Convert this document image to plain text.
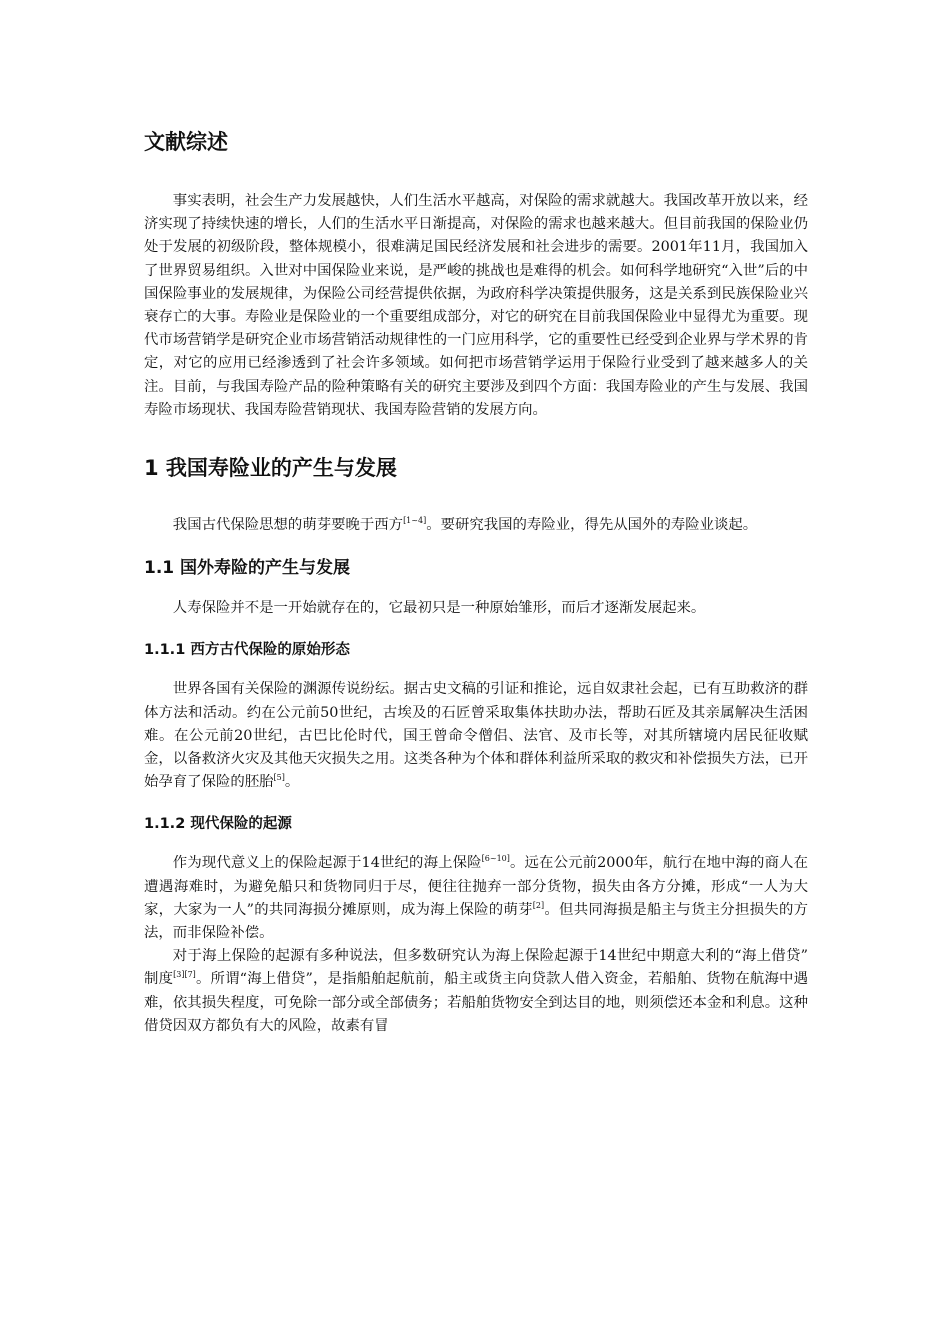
文献综述

事实表明，社会生产力发展越快，人们生活水平越高，对保险的需求就越大。我国改革开放以来，经济实现了持续快速的增长，人们的生活水平日渐提高，对保险的需求也越来越大。但目前我国的保险业仍处于发展的初级阶段，整体规模小，很难满足国民经济发展和社会进步的需要。2001年11月，我国加入 了世界贸易组织。入世对中国保险业来说，是严峻的挑战也是难得的机会。如何科学地研究“入世”后的中国保险事业的发展规律，为保险公司经营提供依据，为政府科学决策提供服务，这是关系到民族保险业兴衰存亡的大事。寿险业是保险业的一个重要组成部分，对它的研究在目前我国保险业中显得尤为重要。现代市场营销学是研究企业市场营销活动规律性的一门应用科学，它的重要性已经受到企业界与学术界的肯定，对它的应用已经渗透到了社会许多领域。如何把市场营销学运用于保险行业受到了越来越多人的关注。目前，与我国寿险产品的险种策略有关的研究主要涉及到四个方面：我国寿险业的产生与发展、我国寿险市场现状、我国寿险营销现状、我国寿险营销的发展方向。

1 我国寿险业的产生与发展

我国古代保险思想的萌芽要晚于西方[1~4]。要研究我国的寿险业，得先从国外的寿险业谈起。

1.1 国外寿险的产生与发展

人寿保险并不是一开始就存在的，它最初只是一种原始雏形，而后才逐渐发展起来。

1.1.1 西方古代保险的原始形态

世界各国有关保险的渊源传说纷纭。据古史文稿的引证和推论，远自奴隶社会起，已有互助救济的群体方法和活动。约在公元前50世纪，古埃及的石匠曾采取集体扶助办法，帮助石匠及其亲属解决生活困难。在公元前20世纪，古巴比伦时代，国王曾命令僧侣、法官、及市长等，对其所辖境内居民征收赋金，以备救济火灾及其他天灾损失之用。这类各种为个体和群体利益所采取的救灾和补偿损失方法，已开始孕育了保险的胚胎[5]。

1.1.2 现代保险的起源

作为现代意义上的保险起源于14世纪的海上保险[6~10]。远在公元前2000年，航行在地中海的商人在遭遇海难时，为避免船只和货物同归于尽，便往往抛弃一部分货物，损失由各方分摊，形成“一人为大家，大家为一人”的共同海损分摊原则，成为海上保险的萌芽[2]。但共同海损是船主与货主分担损失的方法，而非保险补偿。

对于海上保险的起源有多种说法，但多数研究认为海上保险起源于14世纪中期意大利的“海上借贷” 制度[3][7]。所谓“海上借贷”，是指船舶起航前，船主或货主向贷款人借入资金，若船舶、货物在航海中遇难，依其损失程度，可免除一部分或全部债务；若船舶货物安全到达目的地，则须偿还本金和利息。这种借贷因双方都负有大的风险，故素有冒
